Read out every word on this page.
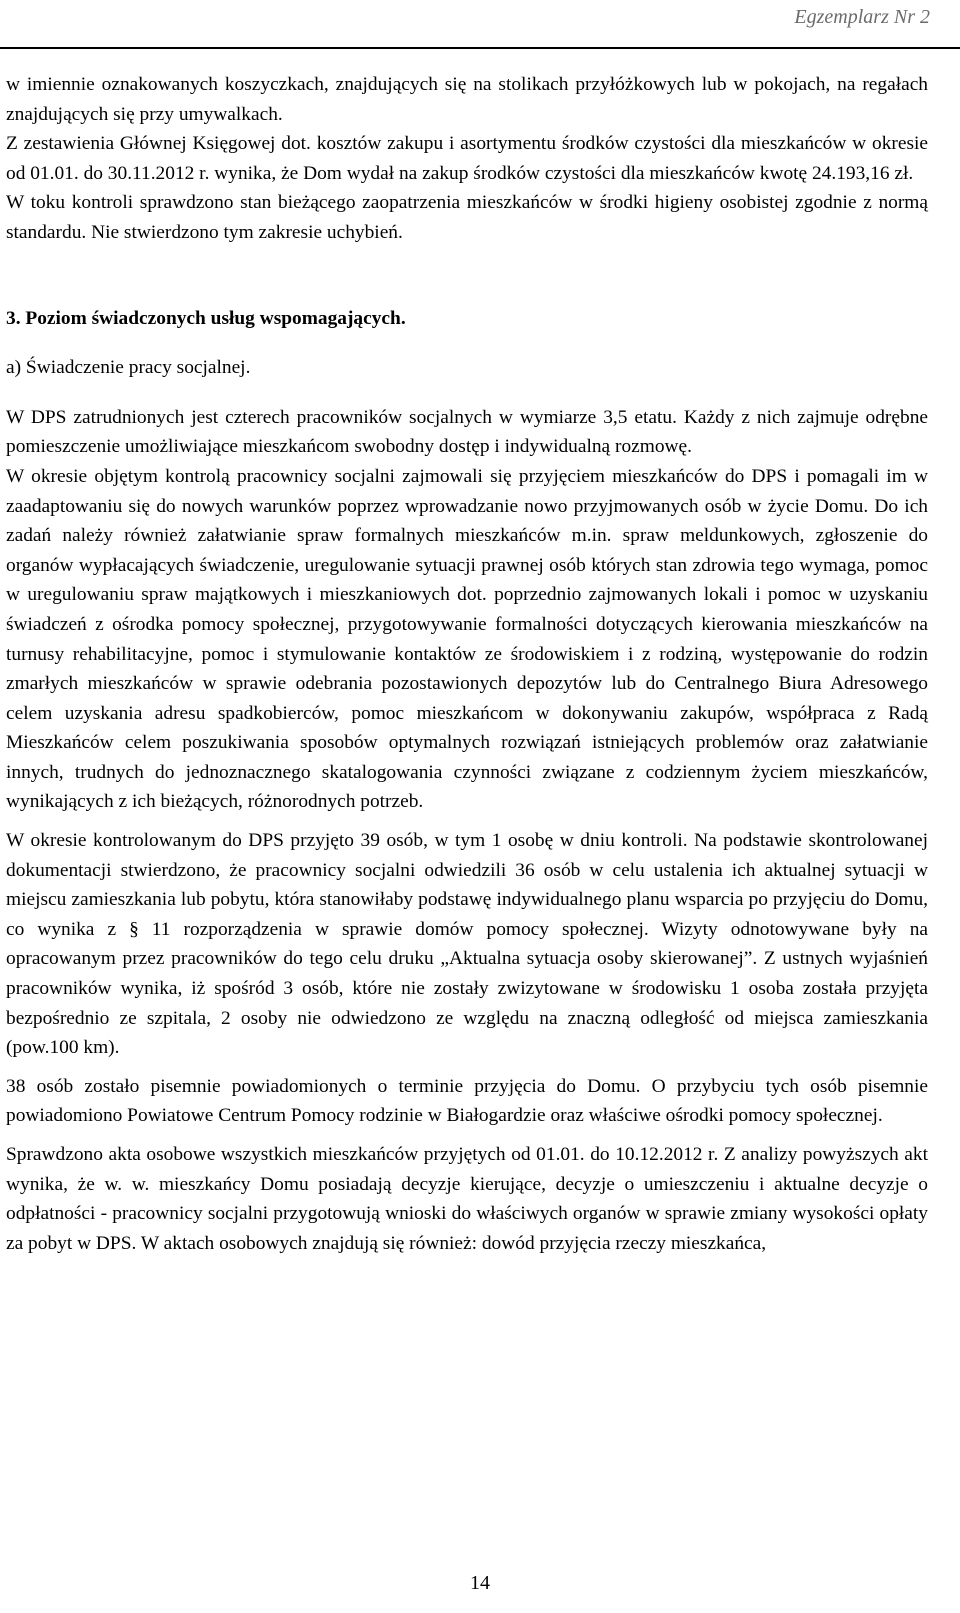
Egzemplarz Nr 2

w imiennie oznakowanych koszyczkach, znajdujących się na stolikach przyłóżkowych lub w pokojach, na regałach znajdujących się przy umywalkach.

Z zestawienia Głównej Księgowej dot. kosztów zakupu i asortymentu środków czystości dla mieszkańców w okresie od 01.01. do 30.11.2012 r. wynika, że Dom wydał na zakup środków czystości dla mieszkańców kwotę 24.193,16 zł.

W toku kontroli sprawdzono stan bieżącego zaopatrzenia mieszkańców w środki higieny osobistej zgodnie z normą standardu. Nie stwierdzono tym zakresie uchybień.

3. Poziom świadczonych usług wspomagających.

a) Świadczenie pracy socjalnej.

W DPS zatrudnionych jest czterech pracowników socjalnych w wymiarze 3,5 etatu. Każdy z nich zajmuje odrębne pomieszczenie umożliwiające mieszkańcom swobodny dostęp i indywidualną rozmowę.

W okresie objętym kontrolą pracownicy socjalni zajmowali się przyjęciem mieszkańców do DPS i pomagali im w zaadaptowaniu się do nowych warunków poprzez wprowadzanie nowo przyjmowanych osób w życie Domu. Do ich zadań należy również załatwianie spraw formalnych mieszkańców m.in. spraw meldunkowych, zgłoszenie do organów wypłacających świadczenie, uregulowanie sytuacji prawnej osób których stan zdrowia tego wymaga, pomoc w uregulowaniu spraw majątkowych i mieszkaniowych dot. poprzednio zajmowanych lokali i pomoc w uzyskaniu świadczeń z ośrodka pomocy społecznej, przygotowywanie formalności dotyczących kierowania mieszkańców na turnusy rehabilitacyjne, pomoc i stymulowanie kontaktów ze środowiskiem i z rodziną, występowanie do rodzin zmarłych mieszkańców w sprawie odebrania pozostawionych depozytów lub do Centralnego Biura Adresowego celem uzyskania adresu spadkobierców, pomoc mieszkańcom w dokonywaniu zakupów, współpraca z Radą Mieszkańców celem poszukiwania sposobów optymalnych rozwiązań istniejących problemów oraz załatwianie innych, trudnych do jednoznacznego skatalogowania czynności związane z codziennym życiem mieszkańców, wynikających z ich bieżących, różnorodnych potrzeb.

W okresie kontrolowanym do DPS przyjęto 39 osób, w tym 1 osobę w dniu kontroli. Na podstawie skontrolowanej dokumentacji stwierdzono, że pracownicy socjalni odwiedzili 36 osób w celu ustalenia ich aktualnej sytuacji w miejscu zamieszkania lub pobytu, która stanowiłaby podstawę indywidualnego planu wsparcia po przyjęciu do Domu, co wynika z § 11 rozporządzenia w sprawie domów pomocy społecznej. Wizyty odnotowywane były na opracowanym przez pracowników do tego celu druku „Aktualna sytuacja osoby skierowanej”. Z ustnych wyjaśnień pracowników wynika, iż spośród 3 osób, które nie zostały zwizytowane w środowisku 1 osoba została przyjęta bezpośrednio ze szpitala, 2 osoby nie odwiedzono ze względu na znaczną odległość od miejsca zamieszkania (pow.100 km).

38 osób zostało pisemnie powiadomionych o terminie przyjęcia do Domu. O przybyciu tych osób pisemnie powiadomiono Powiatowe Centrum Pomocy rodzinie w Białogardzie oraz właściwe ośrodki pomocy społecznej.

Sprawdzono akta osobowe wszystkich mieszkańców przyjętych od 01.01. do 10.12.2012 r. Z analizy powyższych akt wynika, że w. w. mieszkańcy Domu posiadają decyzje kierujące, decyzje o umieszczeniu i aktualne decyzje o odpłatności - pracownicy socjalni przygotowują wnioski do właściwych organów w sprawie zmiany wysokości opłaty za pobyt w DPS. W aktach osobowych znajdują się również: dowód przyjęcia rzeczy mieszkańca,

14
